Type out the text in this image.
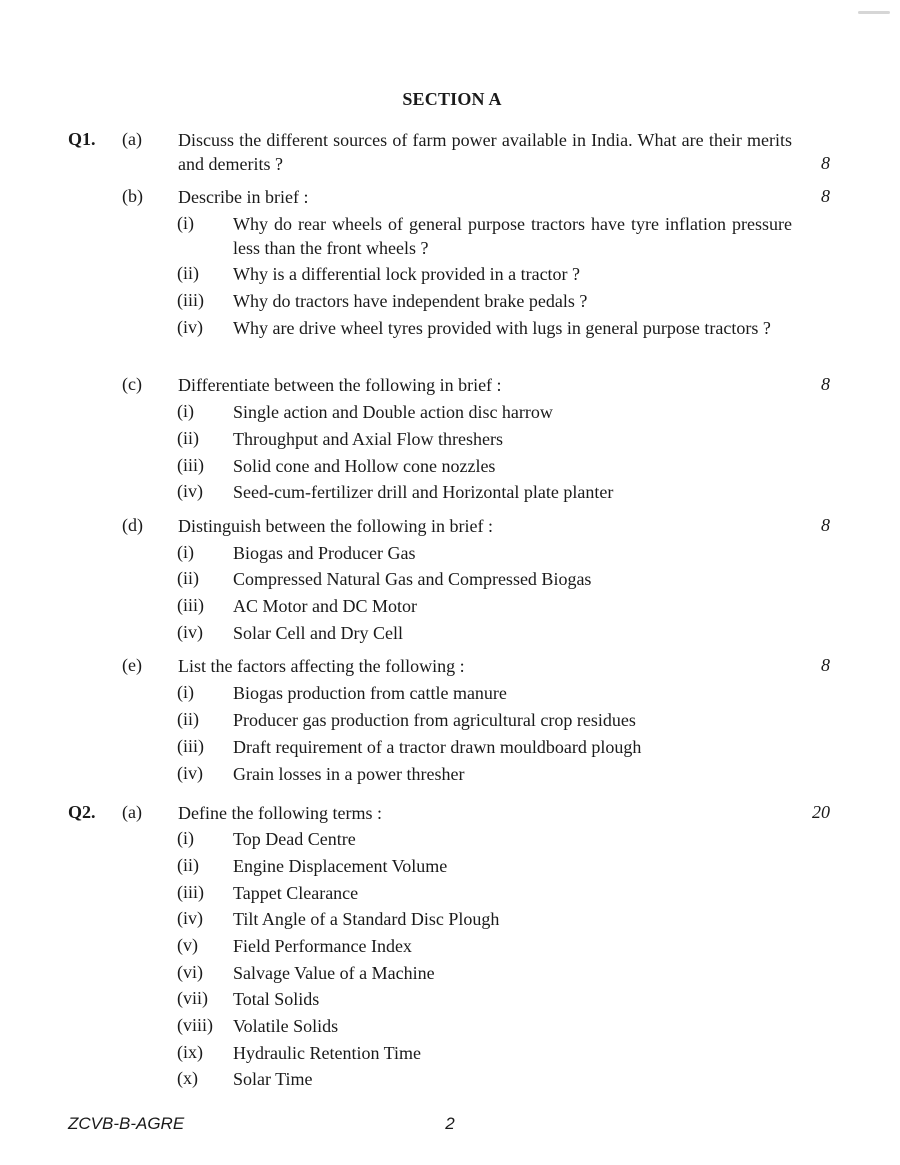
SECTION A
Q1. (a) Discuss the different sources of farm power available in India. What are their merits and demerits ?	8
(b) Describe in brief :	8
(i) Why do rear wheels of general purpose tractors have tyre inflation pressure less than the front wheels ?
(ii) Why is a differential lock provided in a tractor ?
(iii) Why do tractors have independent brake pedals ?
(iv) Why are drive wheel tyres provided with lugs in general purpose tractors ?
(c) Differentiate between the following in brief :	8
(i) Single action and Double action disc harrow
(ii) Throughput and Axial Flow threshers
(iii) Solid cone and Hollow cone nozzles
(iv) Seed-cum-fertilizer drill and Horizontal plate planter
(d) Distinguish between the following in brief :	8
(i) Biogas and Producer Gas
(ii) Compressed Natural Gas and Compressed Biogas
(iii) AC Motor and DC Motor
(iv) Solar Cell and Dry Cell
(e) List the factors affecting the following :	8
(i) Biogas production from cattle manure
(ii) Producer gas production from agricultural crop residues
(iii) Draft requirement of a tractor drawn mouldboard plough
(iv) Grain losses in a power thresher
Q2. (a) Define the following terms :	20
(i) Top Dead Centre
(ii) Engine Displacement Volume
(iii) Tappet Clearance
(iv) Tilt Angle of a Standard Disc Plough
(v) Field Performance Index
(vi) Salvage Value of a Machine
(vii) Total Solids
(viii) Volatile Solids
(ix) Hydraulic Retention Time
(x) Solar Time
ZCVB-B-AGRE	2
